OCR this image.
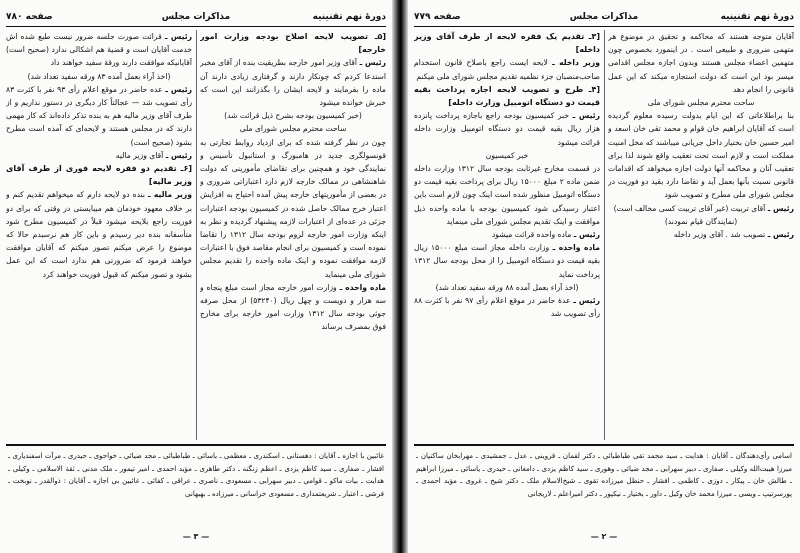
دورهٔ نهم تقنینیه
مذاکرات مجلس
صفحه ۷۸۰

[۵ـ تصویب لایحه اصلاح بودجه وزارت امور خارجه]

رئیس ـ آقای وزیر امور خارجه بطریقیت بنده از آقای مخبر استدعا کردم که چونکار دارند و گرفتاری زیادی دارند آن ماده را بفرمایند و لایحه ایشان را بگذرانند این است که خبرش خوانده میشود

(خبر کمیسیون بودجه بشرح ذیل قرائت شد)

ساحت محترم مجلس شورای ملی

چون در نظر گرفته شده که برای ازدیاد روابط تجارتی به قونسولگری جدید در هامبورگ و استانبول تأسیس و نمایندگی خود و همچنین برای تقاضای مأمورینی که دولت شاهنشاهی در ممالک خارجه لازم دارد اعتباراتی ضروری و در بعضی از مأموریتهای خارجه پیش آمده احتیاج به افزایش اعتبار خرج ممالک حاصل شده در کمیسیون بودجه اعتبارات جزئی در عده‌ای از اعتبارات لازمه پیشنهاد گردیده و نظر به اینکه وزارت امور خارجه لزوم بودجه سال ۱۳۱۲ را تقاضا نموده است و کمیسیون برای انجام مقاصد فوق با اعتبارات لازمه موافقت نموده و اینک ماده واحده را تقدیم مجلس شورای ملی مینماید

ماده واحده ـ وزارت امور خارجه مجاز است مبلغ پنجاه و سه هزار و دویست و چهل ریال (۵۳۲۴۰) از محل صرفه جوئی بودجه سال ۱۳۱۲ وزارت امور خارجه برای مخارج فوق بمصرف برساند

رئیس ـ قرائت صورت جلسه ضرور نیست طبع شده اش خدمت آقایان است و قضیهٔ هم اشکالی ندارد (صحیح است) آقایانیکه موافقت دارند ورقهٔ سفید خواهند داد

(اخذ آراء بعمل آمده ۸۳ ورقه سفید تعداد شد)

رئیس ـ عده حاضر در موقع اعلام رأی ۹۳ نفر با کثرت ۸۳ رأی تصویب شد — عجالتاً کار دیگری در دستور نداریم و از طرف آقای وزیر مالیه هم به بنده تذکر داده‌اند که کار مهمی دارند که در مجلس هستند و لایحه‌ای که آمده است مطرح بشود (صحیح است)

رئیس ـ آقای وزیر مالیه

[۶ـ تقدیم دو فقره لایحه فوری از طرف آقای وزیر مالیه]

وزیر مالیه ـ بنده دو لایحه دارم که میخواهم تقدیم کنم و بر خلاف معهود خودمان هم میبایستی در وقتی که برای دو فوریت راجع بلایحه میشود قبلاً در کمیسیون مطرح شود متأسفانه بنده دیر رسیدم و باین کار هم نرسیدم حالا که موضوع را عرض میکنم تصور میکنم که آقایان موافقت خواهند فرمود که ضرورتی هم ندارد است که این عمل بشود و تصور میکنم که قبول فوریت خواهند کرد

غائبین با اجازه ـ آقایان : دهستانی ـ اسکندری ـ معظمی ـ یاسائی ـ طباطبائی ـ مجد ضیائی ـ خواجوی ـ حیدری ـ مرآت اسفندیاری ـ افشار ـ صفاری ـ سید کاظم یزدی ـ اعظم زنگنه ـ دکتر طاهری ـ مؤید احمدی ـ امیر تیمور ـ ملک مدنی ـ ثقة الاسلامی ـ وکیلی ـ هدایت ـ بیات ماکو ـ قوامی ـ دبیر سهرابی ـ مسعودی ـ ناصری ـ عراقی ـ کفائی ـ غائبین بی اجازه ـ آقایان : ذوالقدر ـ نوبخت ـ فرشی ـ اعتبار ـ شریعتمداری ـ مسعودی خراسانی ـ میرزاده ـ بهبهانی
— ۳ —
دورهٔ نهم تقنینیه
مذاکرات مجلس
صفحه ۷۷۹

آقایان متوجه هستند که محاکمه و تحقیق در موضوع هر متهمی ضروری و طبیعی است . در اینمورد بخصوص چون متهمین اعضاء مجلس هستند وبدون اجازه مجلس اقدامی میسر بود این است که دولت استجازه میکند که این عمل قانونی را انجام دهد

ساحت محترم مجلس شورای ملی

بنا براطلاعاتی که این ایام بدولت رسیده معلوم گردیده است که آقایان ابراهیم خان قوام و محمد تقی خان اسعد و امیر حسین خان بختیار داخل جریانی میباشند که مخل امنیت مملکت است و لازم است تحت تعقیب واقع شوند لذا برای تعقیب آنان و محاکمه آنها دولت اجازه میخواهد که اقدامات قانونی نسبت بآنها بعمل آید و تقاضا دارد بقید دو فوریت در مجلس شورای ملی مطرح و تصویب شود

رئیس ـ آقای تربیت (غیر آقای تربیت کسی مخالف است)

(نمایندگان قیام نمودند)

رئیس ـ تصویب شد . آقای وزیر داخله

[۳ـ تقدیم یک فقره لایحه از طرف آقای وزیر داخله]

وزیر داخله ـ لایحه ایست راجع باصلاح قانون استخدام صاحب‌منصبان جزء نظمیه تقدیم مجلس شورای ملی میکنم

[۴ـ طرح و تصویب لایحه اجازه پرداخت بقیه قیمت دو دستگاه اتومبیل وزارت داخله]

رئیس ـ خبر کمیسیون بودجه راجع باجازه پرداخت پانزده هزار ریال بقیه قیمت دو دستگاه اتومبیل وزارت داخله قرائت میشود

خبر کمیسیون

در قسمت مخارج غیرثابت بودجه سال ۱۳۱۲ وزارت داخله ضمن ماده ۲ مبلغ ۱۵۰۰۰ ریال برای پرداخت بقیه قیمت دو دستگاه اتومبیل منظور شده است اینک چون لازم است باین اعتبار رسیدگی شود کمیسیون بودجه با ماده واحده ذیل موافقت و اینک تقدیم مجلس شورای ملی مینماید

رئیس ـ ماده واحده قرائت میشود

ماده واحده ـ وزارت داخله مجاز است مبلغ ۱۵۰۰۰ ریال بقیه قیمت دو دستگاه اتومبیل را از محل بودجه سال ۱۳۱۲ پرداخت نماید

(اخذ آراء بعمل آمده ۸۸ ورقه سفید تعداد شد)

رئیس ـ عدهٔ حاضر در موقع اعلام رأی ۹۷ نفر با کثرت ۸۸ رأی تصویب شد

اسامی رأی‌دهندگان ـ آقایان : هدایت ـ سید محمد تقی طباطبائی ـ دکتر لقمان ـ قزوینی ـ عدل ـ جمشیدی ـ مهرابخان ساکنیان ـ میرزا هیبت‌الله وکیلی ـ صفاری ـ دبیر سهرابی ـ مجد ضیائی ـ وهوری ـ سید کاظم یزدی ـ دامغانی ـ حیدری ـ یاسائی ـ میرزا ابراهیم ـ طالش خان ـ پیکار ـ دوزی ـ کاظمی ـ افشار ـ حنظل میرزاده تقوی ـ شیخ‌الاسلام ملک ـ دکتر شیخ ـ غروی ـ مؤید احمدی ـ پورسرتیپ ـ ویسی ـ میرزا محمد خان وکیل ـ داور ـ بختیار ـ نیکپور ـ دکتر امیراعلم ـ لاریجانی
— ۲ —
